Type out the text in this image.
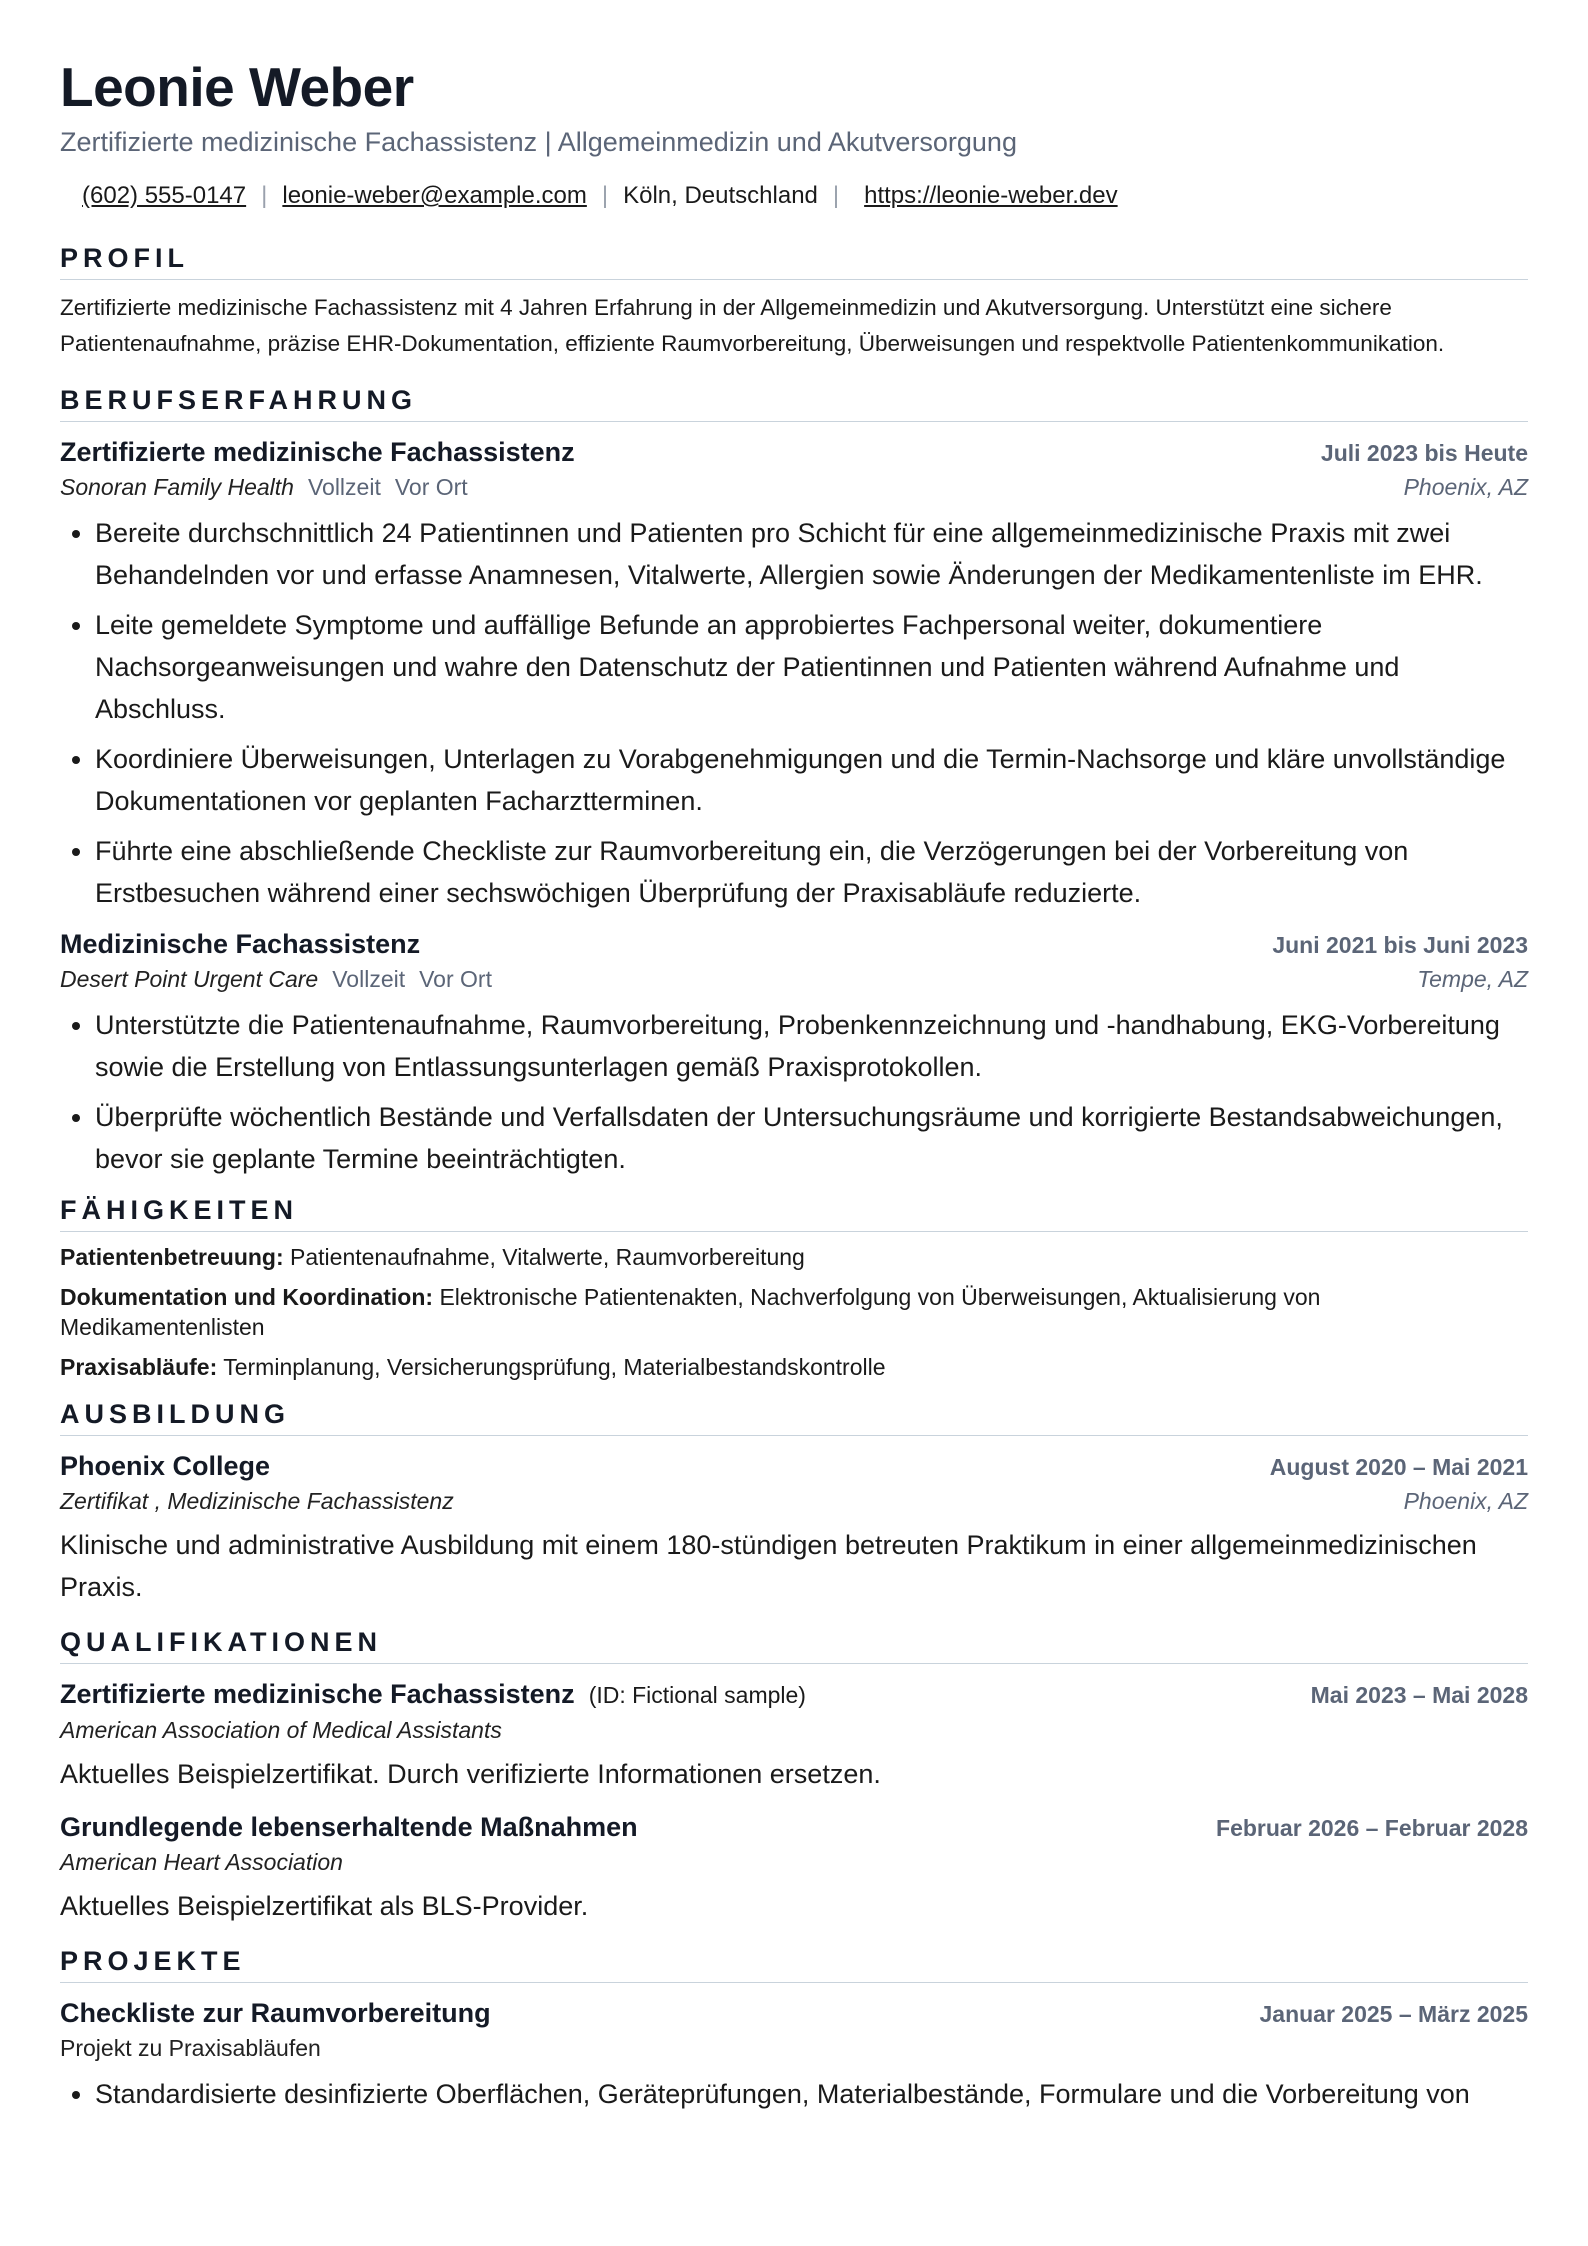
Leonie Weber
Zertifizierte medizinische Fachassistenz | Allgemeinmedizin und Akutversorgung
(602) 555-0147 | leonie-weber@example.com | Köln, Deutschland | https://leonie-weber.dev
PROFIL
Zertifizierte medizinische Fachassistenz mit 4 Jahren Erfahrung in der Allgemeinmedizin und Akutversorgung. Unterstützt eine sichere Patientenaufnahme, präzise EHR-Dokumentation, effiziente Raumvorbereitung, Überweisungen und respektvolle Patientenkommunikation.
BERUFSERFAHRUNG
Zertifizierte medizinische Fachassistenz	Juli 2023 bis Heute
Sonoran Family Health Vollzeit Vor Ort	Phoenix, AZ
• Bereite durchschnittlich 24 Patientinnen und Patienten pro Schicht für eine allgemeinmedizinische Praxis mit zwei Behandelnden vor und erfasse Anamnesen, Vitalwerte, Allergien sowie Änderungen der Medikamentenliste im EHR.
• Leite gemeldete Symptome und auffällige Befunde an approbiertes Fachpersonal weiter, dokumentiere Nachsorgeanweisungen und wahre den Datenschutz der Patientinnen und Patienten während Aufnahme und Abschluss.
• Koordiniere Überweisungen, Unterlagen zu Vorabgenehmigungen und die Termin-Nachsorge und kläre unvollständige Dokumentationen vor geplanten Facharztterminen.
• Führte eine abschließende Checkliste zur Raumvorbereitung ein, die Verzögerungen bei der Vorbereitung von Erstbesuchen während einer sechswöchigen Überprüfung der Praxisabläufe reduzierte.
Medizinische Fachassistenz	Juni 2021 bis Juni 2023
Desert Point Urgent Care Vollzeit Vor Ort	Tempe, AZ
• Unterstützte die Patientenaufnahme, Raumvorbereitung, Probenkennzeichnung und -handhabung, EKG-Vorbereitung sowie die Erstellung von Entlassungsunterlagen gemäß Praxisprotokollen.
• Überprüfte wöchentlich Bestände und Verfallsdaten der Untersuchungsräume und korrigierte Bestandsabweichungen, bevor sie geplante Termine beeinträchtigten.
FÄHIGKEITEN
Patientenbetreuung: Patientenaufnahme, Vitalwerte, Raumvorbereitung
Dokumentation und Koordination: Elektronische Patientenakten, Nachverfolgung von Überweisungen, Aktualisierung von Medikamentenlisten
Praxisabläufe: Terminplanung, Versicherungsprüfung, Materialbestandskontrolle
AUSBILDUNG
Phoenix College	August 2020 – Mai 2021
Zertifikat , Medizinische Fachassistenz	Phoenix, AZ
Klinische und administrative Ausbildung mit einem 180-stündigen betreuten Praktikum in einer allgemeinmedizinischen Praxis.
QUALIFIKATIONEN
Zertifizierte medizinische Fachassistenz (ID: Fictional sample)	Mai 2023 – Mai 2028
American Association of Medical Assistants
Aktuelles Beispielzertifikat. Durch verifizierte Informationen ersetzen.
Grundlegende lebenserhaltende Maßnahmen	Februar 2026 – Februar 2028
American Heart Association
Aktuelles Beispielzertifikat als BLS-Provider.
PROJEKTE
Checkliste zur Raumvorbereitung	Januar 2025 – März 2025
Projekt zu Praxisabläufen
• Standardisierte desinfizierte Oberflächen, Geräteprüfungen, Materialbestände, Formulare und die Vorbereitung von
